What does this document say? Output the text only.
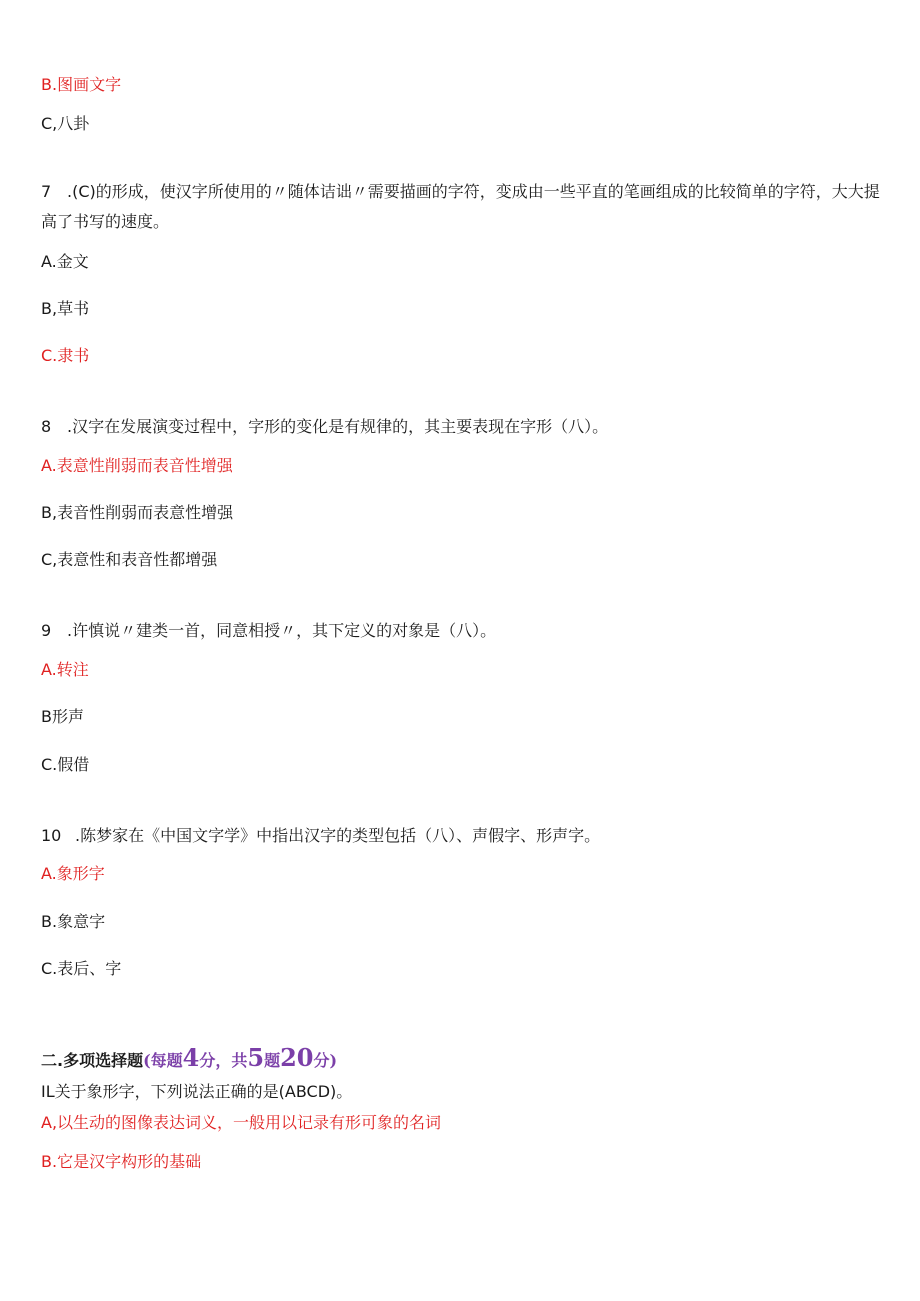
B.图画文字
C,八卦
7 .(C)的形成，使汉字所使用的〃随体诘诎〃需要描画的字符，变成由一些平直的笔画组成的比较简单的字符，大大提高了书写的速度。
A.金文
B,草书
C.隶书
8 .汉字在发展演变过程中，字形的变化是有规律的，其主要表现在字形（八）。
A.表意性削弱而表音性增强
B,表音性削弱而表意性增强
C,表意性和表音性都增强
9 .许慎说〃建类一首，同意相授〃，其下定义的对象是（八）。
A.转注
B形声
C.假借
10 .陈梦家在《中国文字学》中指出汉字的类型包括（八）、声假字、形声字。
A.象形字
B.象意字
C.表后、字
二.多项选择题(每题4分，共5题20分)
IL关于象形字，下列说法正确的是(ABCD)。
A,以生动的图像表达词义，一般用以记录有形可象的名词
B.它是汉字构形的基础
